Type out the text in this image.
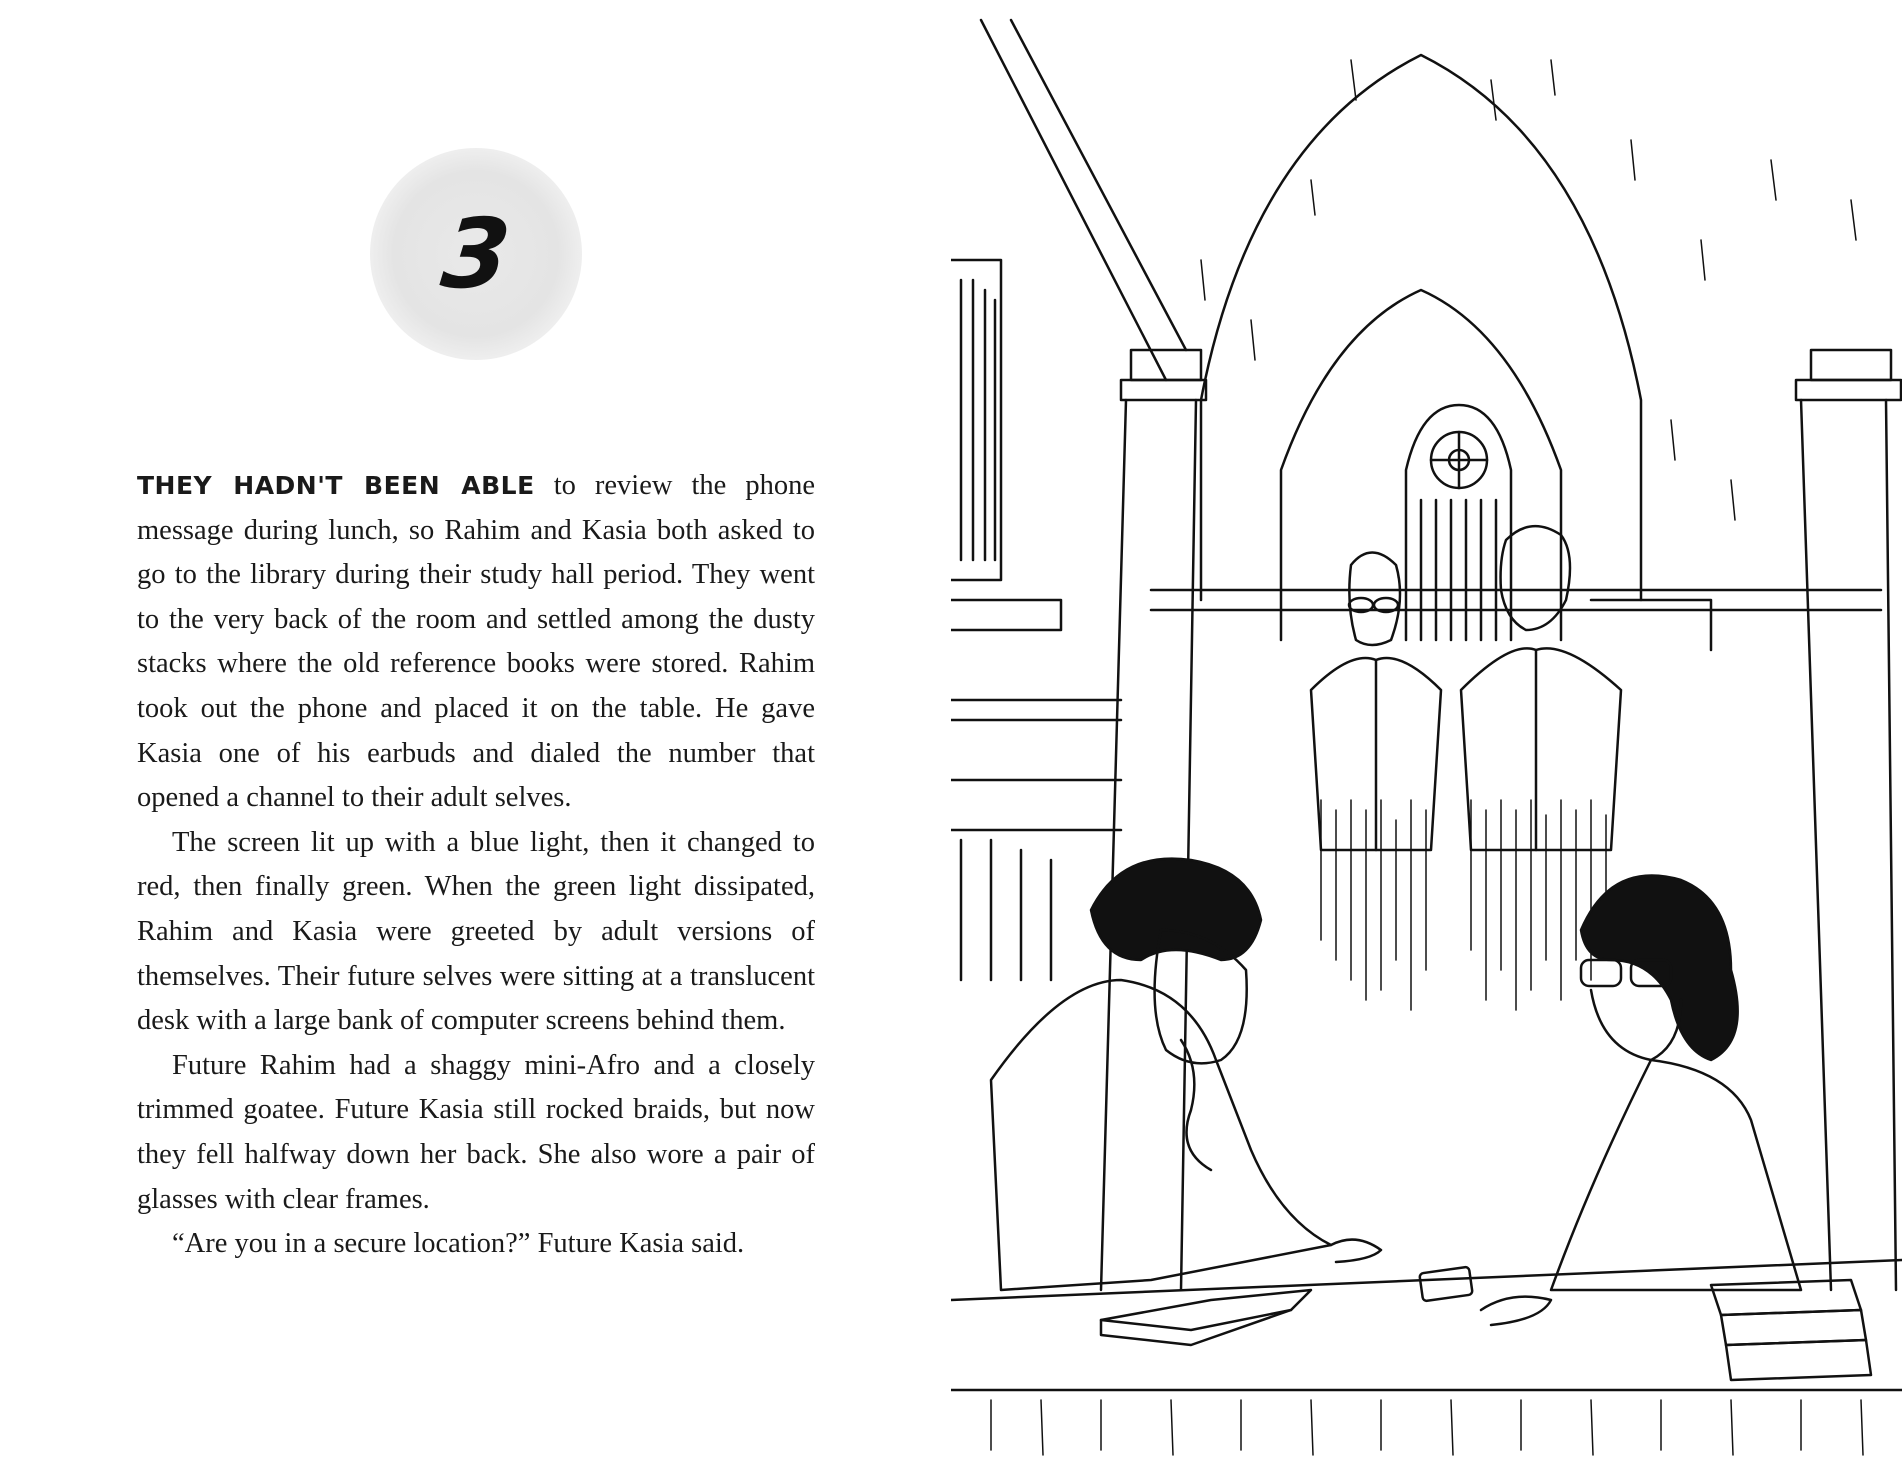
3

THEY HADN'T BEEN ABLE to review the phone message during lunch, so Rahim and Kasia both asked to go to the library during their study hall period. They went to the very back of the room and settled among the dusty stacks where the old reference books were stored. Rahim took out the phone and placed it on the table. He gave Kasia one of his earbuds and dialed the number that opened a channel to their adult selves.

The screen lit up with a blue light, then it changed to red, then finally green. When the green light dissipated, Rahim and Kasia were greeted by adult versions of themselves. Their future selves were sitting at a translucent desk with a large bank of computer screens behind them.

Future Rahim had a shaggy mini-Afro and a closely trimmed goatee. Future Kasia still rocked braids, but now they fell halfway down her back. She also wore a pair of glasses with clear frames.

“Are you in a secure location?” Future Kasia said.
